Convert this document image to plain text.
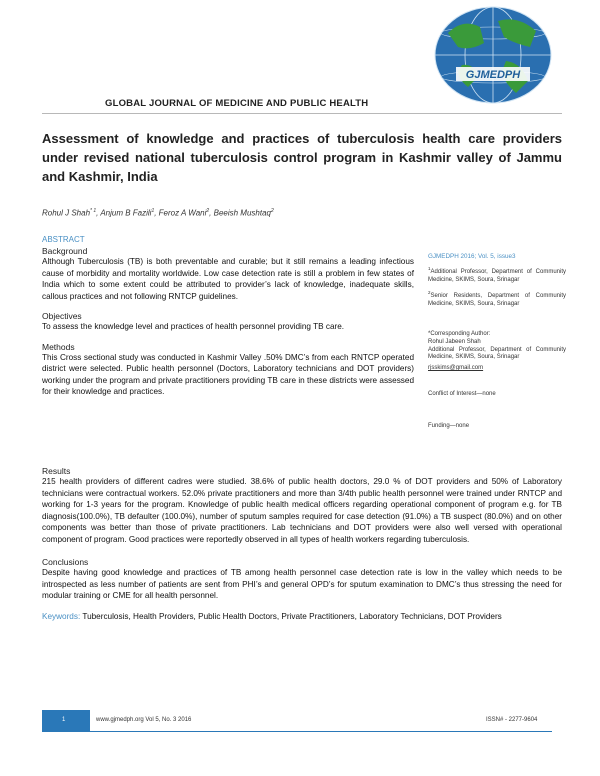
GJMEDPH
GLOBAL JOURNAL OF MEDICINE AND PUBLIC HEALTH
Assessment of knowledge and practices of tuberculosis health care providers under revised national tuberculosis control program in Kashmir valley of Jammu and Kashmir, India
Rohul J Shah$^{* 1}$, Anjum B Fazili$^1$, Feroz A Wani$^2$, Beeish Mushtaq$^2$
ABSTRACT
Background

Although Tuberculosis (TB) is both preventable and curable; but it still remains a leading infectious cause of morbidity and mortality worldwide. Low case detection rate is still a problem in few states of India which to some extent could be attributed to provider’s lack of knowledge, inadequate skills, callous practices and not following RNTCP guidelines.

Objectives

To assess the knowledge level and practices of health personnel providing TB care.

Methods

This Cross sectional study was conducted in Kashmir Valley .50% DMC’s from each RNTCP operated district were selected. Public health personnel (Doctors, Laboratory technicians and DOT providers) working under the program and private practitioners providing TB care in these districts were assessed for their knowledge and practices.

GJMEDPH 2016; Vol. 5, issue3
$^1$Additional Professor, Department of Community Medicine, SKIMS, Soura, Srinagar
$^2$Senior Residents, Department of Community Medicine, SKIMS, Soura, Srinagar
*Corresponding Author:
Rohul Jabeen Shah
Additional Professor, Department of Community Medicine, SKIMS, Soura, Srinagar
rjsskims@gmail.com
Conflict of Interest—none
Funding—none
Results

215 health providers of different cadres were studied. 38.6% of public health doctors, 29.0 % of DOT providers and 50% of Laboratory technicians were contractual workers. 52.0% private practitioners and more than 3/4th public health personnel were trained under RNTCP and working for 1-3 years for the program. Knowledge of public health medical officers regarding operational component of program e.g. for TB diagnosis(100.0%), TB defaulter (100.0%), number of sputum samples required for case detection (91.0%) a TB suspect (80.0%) and on other components was better than those of private practitioners. Lab technicians and DOT providers were also well versed with operational component of program. Good practices were reportedly observed in all types of health workers regarding tuberculosis.

Conclusions

Despite having good knowledge and practices of TB among health personnel case detection rate is low in the valley which needs to be introspected as less number of patients are sent from PHI’s and general OPD’s for sputum examination to DMC’s thus stressing the need for modular training or CME for all health personnel.

Keywords: Tuberculosis, Health Providers, Public Health Doctors, Private Practitioners, Laboratory Technicians, DOT Providers

1	www.gjmedph.org Vol 5, No. 3 2016	ISSN# - 2277-9604
